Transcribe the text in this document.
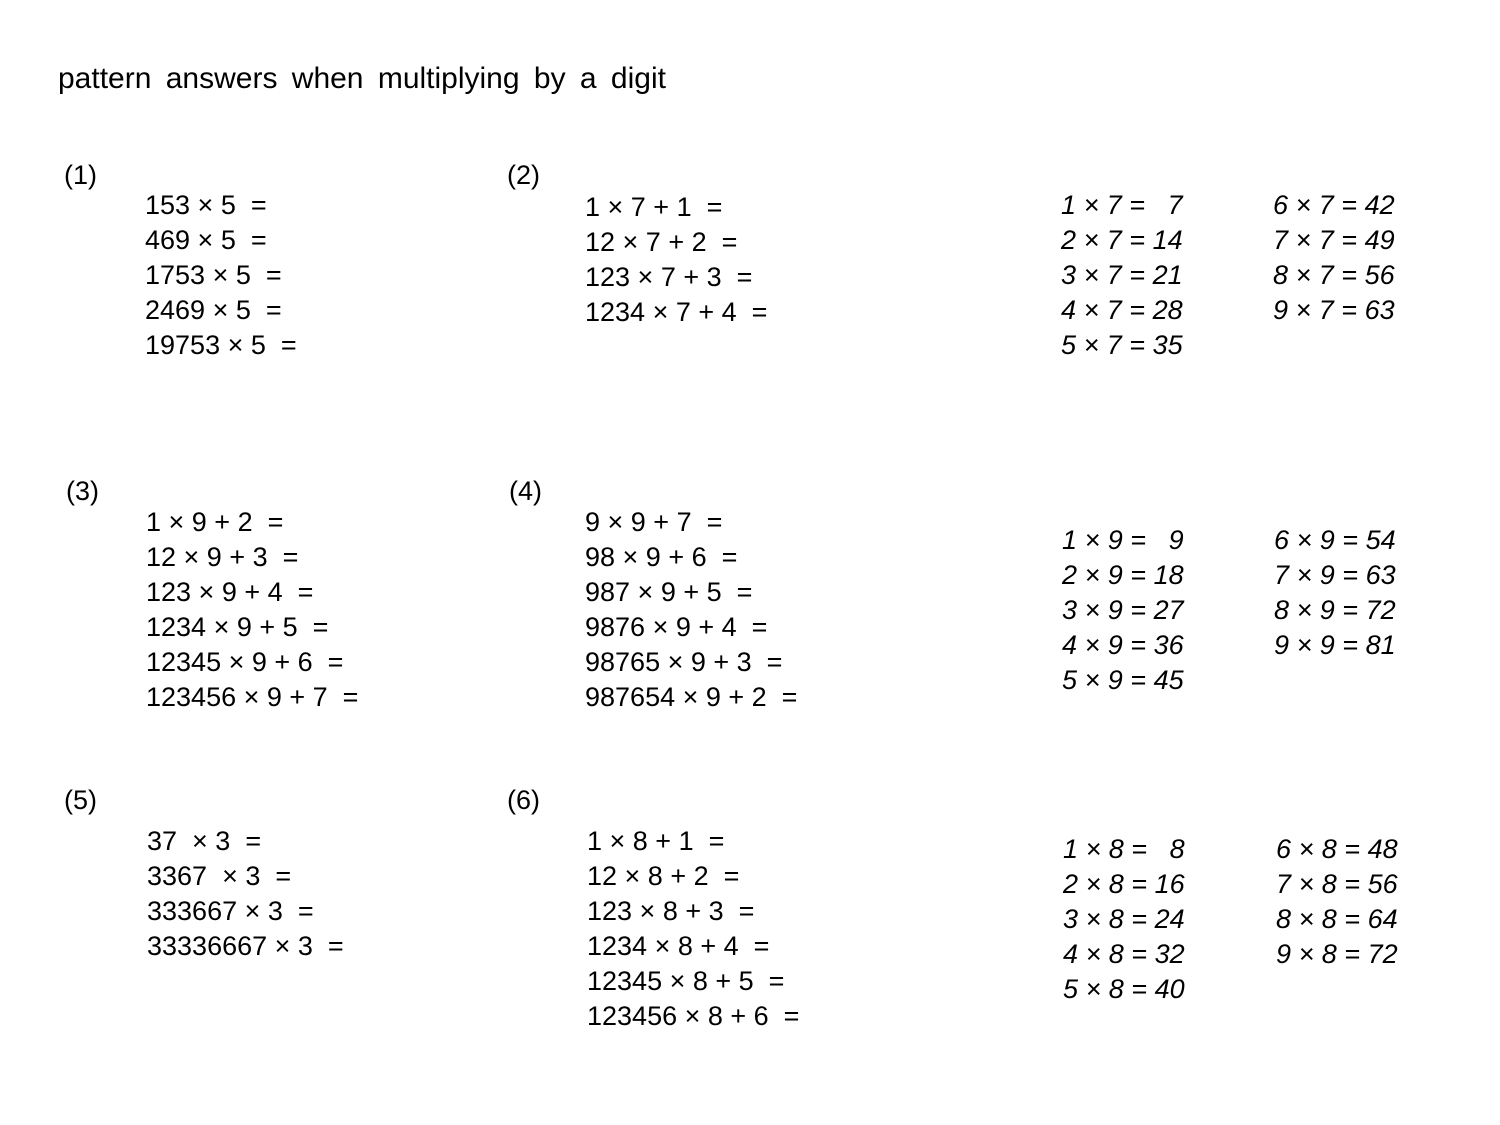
pattern answers when multiplying by a digit
(1)
153 × 5  =
469 × 5  =
1753 × 5  =
2469 × 5  =
19753 × 5  =
(2)
1 × 7 + 1  =
12 × 7 + 2  =
123 × 7 + 3  =
1234 × 7 + 4  =
1 × 7 =   7
2 × 7 = 14
3 × 7 = 21
4 × 7 = 28
5 × 7 = 35
6 × 7 = 42
7 × 7 = 49
8 × 7 = 56
9 × 7 = 63
(3)
1 × 9 + 2  =
12 × 9 + 3  =
123 × 9 + 4  =
1234 × 9 + 5  =
12345 × 9 + 6  =
123456 × 9 + 7  =
(4)
9 × 9 + 7  =
98 × 9 + 6  =
987 × 9 + 5  =
9876 × 9 + 4  =
98765 × 9 + 3  =
987654 × 9 + 2  =
1 × 9 =   9
2 × 9 = 18
3 × 9 = 27
4 × 9 = 36
5 × 9 = 45
6 × 9 = 54
7 × 9 = 63
8 × 9 = 72
9 × 9 = 81
(5)
37  × 3  =
3367  × 3  =
333667 × 3  =
33336667 × 3  =
(6)
1 × 8 + 1  =
12 × 8 + 2  =
123 × 8 + 3  =
1234 × 8 + 4  =
12345 × 8 + 5  =
123456 × 8 + 6  =
1 × 8 =   8
2 × 8 = 16
3 × 8 = 24
4 × 8 = 32
5 × 8 = 40
6 × 8 = 48
7 × 8 = 56
8 × 8 = 64
9 × 8 = 72
